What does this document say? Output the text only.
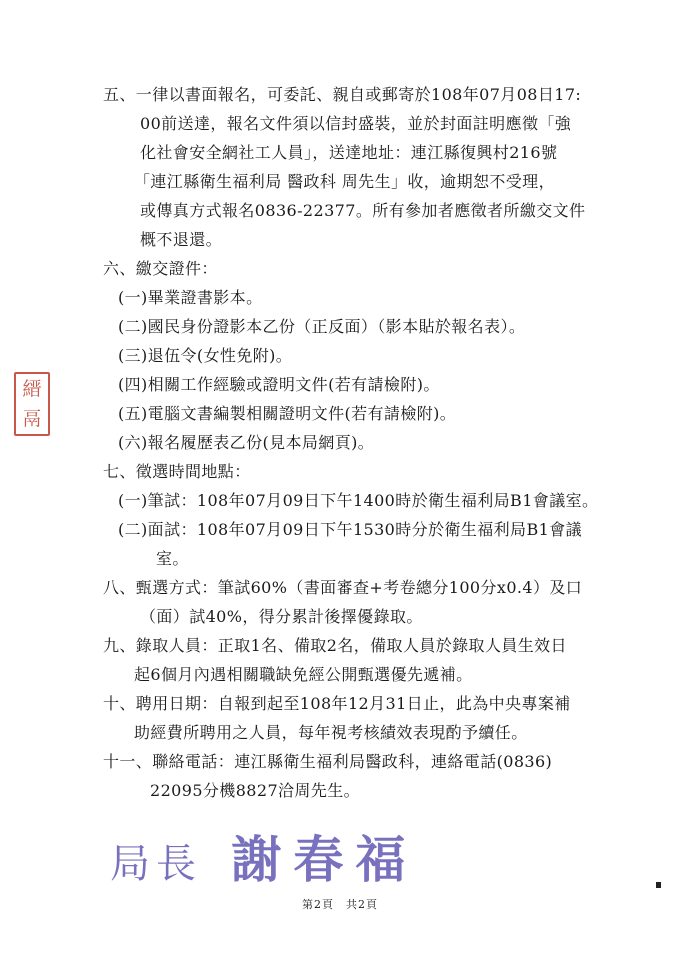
五、一律以書面報名，可委託、親自或郵寄於108年07月08日17:
00前送達，報名文件須以信封盛裝，並於封面註明應徵「強
化社會安全網社工人員」，送達地址：連江縣復興村216號
「連江縣衛生福利局 醫政科 周先生」收，逾期恕不受理，
或傳真方式報名0836-22377。所有參加者應徵者所繳交文件
概不退還。
六、繳交證件：
(一)畢業證書影本。
(二)國民身份證影本乙份（正反面）（影本貼於報名表）。
(三)退伍令(女性免附)。
(四)相關工作經驗或證明文件(若有請檢附)。
(五)電腦文書編製相關證明文件(若有請檢附)。
(六)報名履歷表乙份(見本局網頁)。
七、徵選時間地點：
(一)筆試：108年07月09日下午1400時於衛生福利局B1會議室。
(二)面試：108年07月09日下午1530時分於衛生福利局B1會議
室。
八、甄選方式：筆試60%（書面審查+考卷總分100分x0.4）及口
（面）試40%，得分累計後擇優錄取。
九、錄取人員：正取1名、備取2名，備取人員於錄取人員生效日
起6個月內遇相關職缺免經公開甄選優先遞補。
十、聘用日期：自報到起至108年12月31日止，此為中央專案補
助經費所聘用之人員，每年視考核績效表現酌予續任。
十一、聯絡電話：連江縣衛生福利局醫政科，連絡電話(0836)
22095分機8827洽周先生。
縉
鬲
局長 謝春福
第2頁　共2頁
